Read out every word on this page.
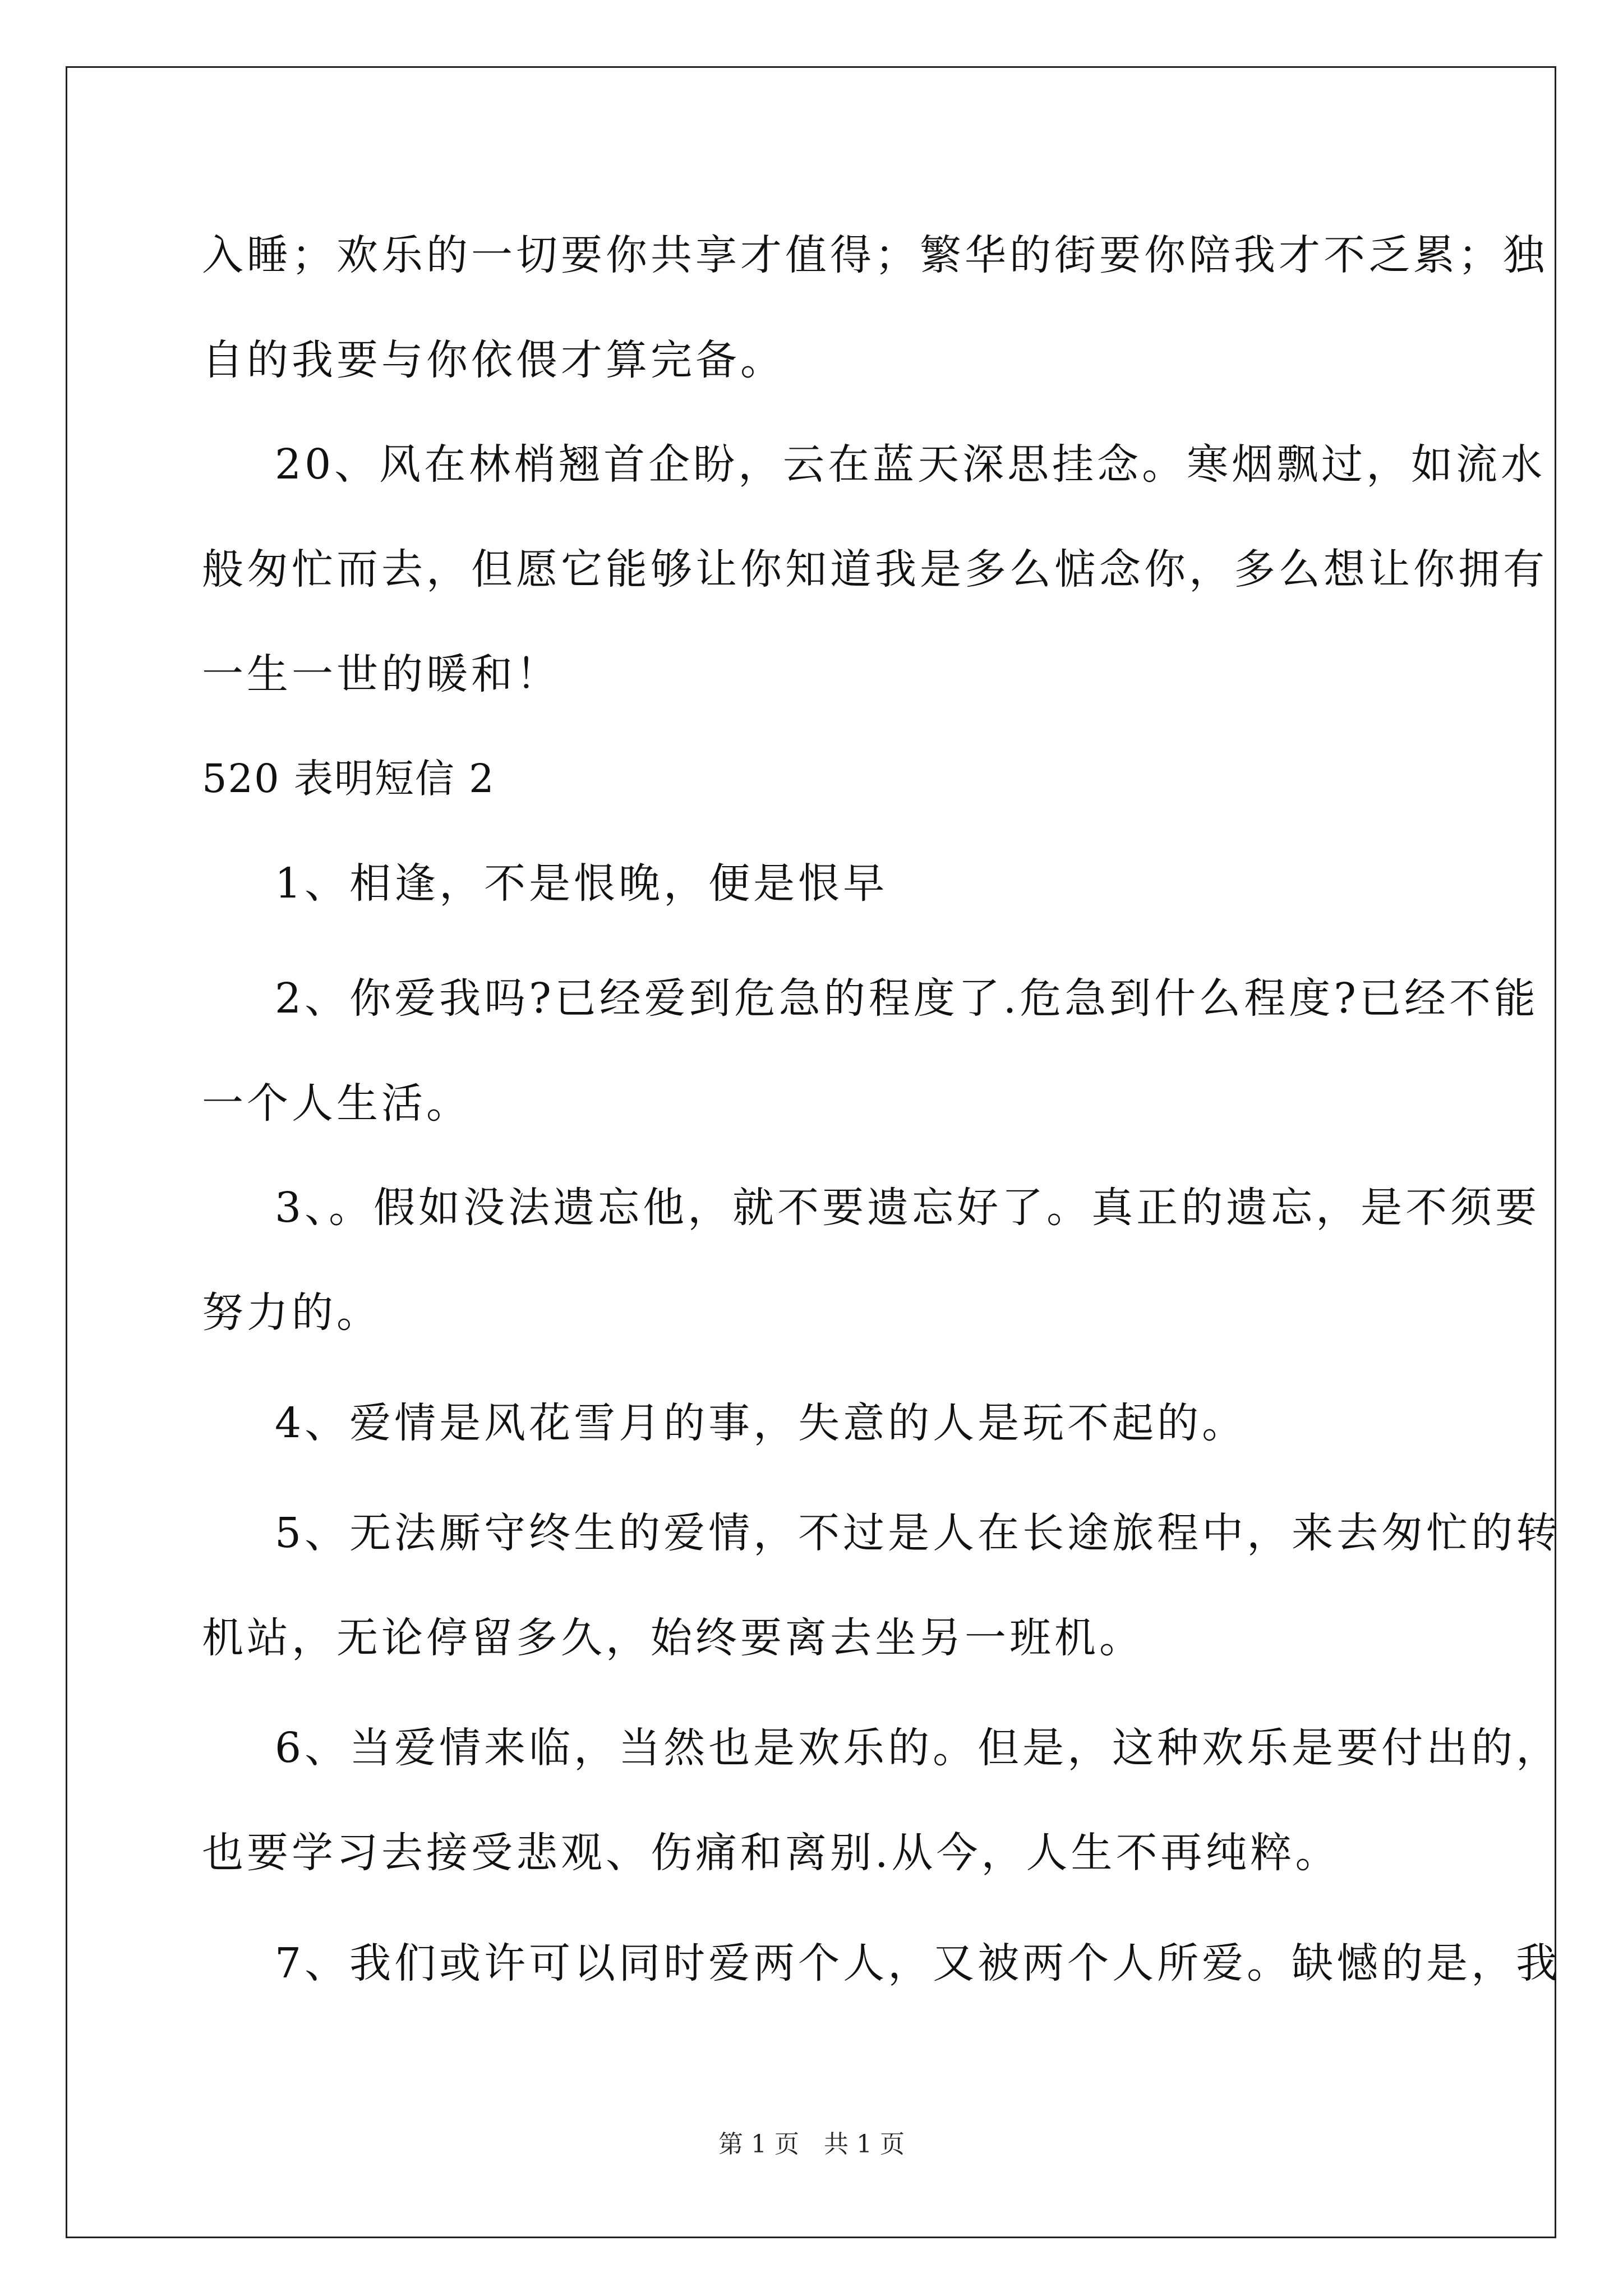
入睡；欢乐的一切要你共享才值得；繁华的街要你陪我才不乏累；独
自的我要与你依偎才算完备。
20、风在林梢翘首企盼，云在蓝天深思挂念。寒烟飘过，如流水
般匆忙而去，但愿它能够让你知道我是多么惦念你，多么想让你拥有
一生一世的暖和！
520 表明短信 2
1、相逢，不是恨晚，便是恨早
2、你爱我吗?已经爱到危急的程度了.危急到什么程度?已经不能
一个人生活。
3、。假如没法遗忘他，就不要遗忘好了。真正的遗忘，是不须要
努力的。
4、爱情是风花雪月的事，失意的人是玩不起的。
5、无法厮守终生的爱情，不过是人在长途旅程中，来去匆忙的转
机站，无论停留多久，始终要离去坐另一班机。
6、当爱情来临，当然也是欢乐的。但是，这种欢乐是要付出的，
也要学习去接受悲观、伤痛和离别.从今，人生不再纯粹。
7、我们或许可以同时爱两个人，又被两个人所爱。缺憾的是，我
第 1 页　共 1 页
